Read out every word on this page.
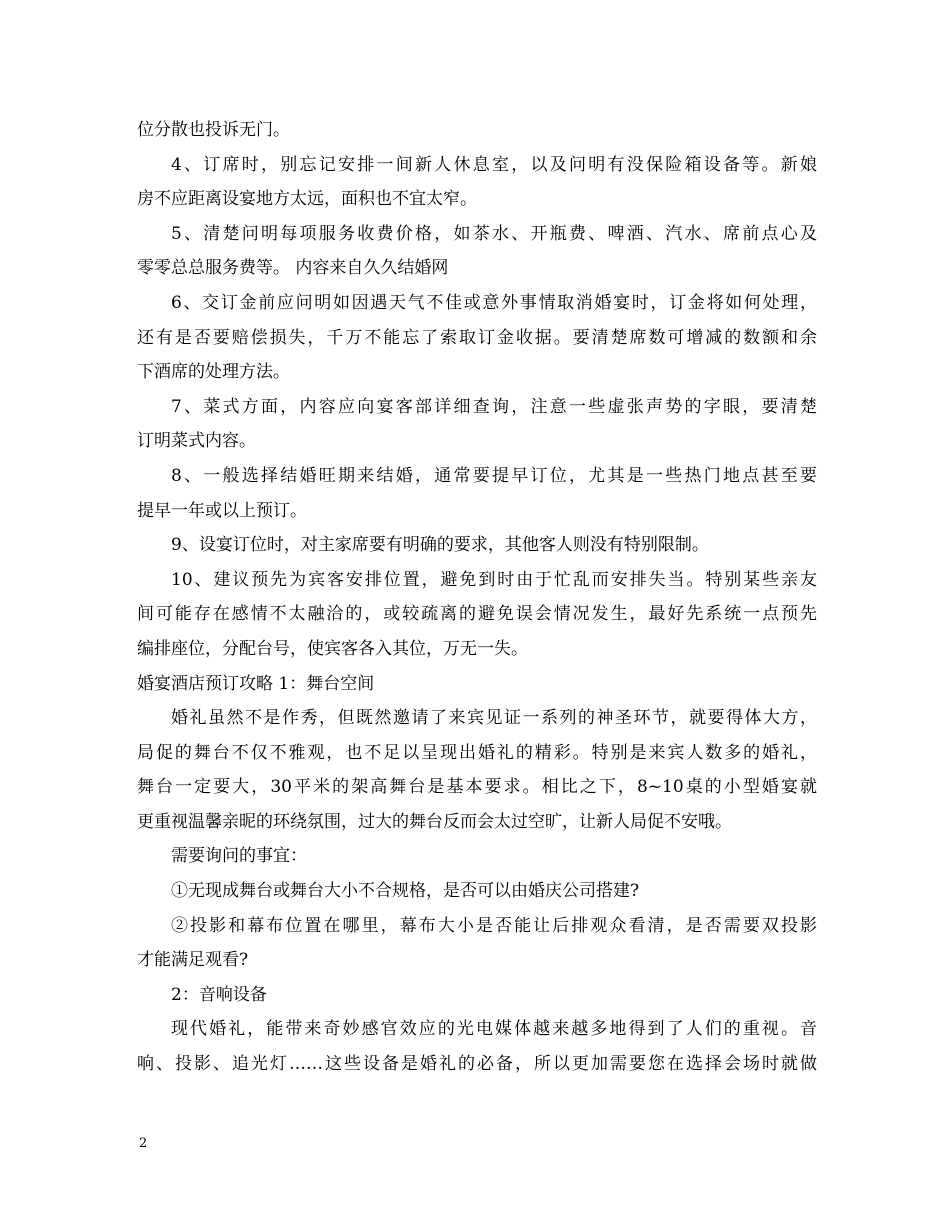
位分散也投诉无门。
4、订席时，别忘记安排一间新人休息室，以及问明有没保险箱设备等。新娘
房不应距离设宴地方太远，面积也不宜太窄。
5、清楚问明每项服务收费价格，如茶水、开瓶费、啤酒、汽水、席前点心及
零零总总服务费等。 内容来自久久结婚网
6、交订金前应问明如因遇天气不佳或意外事情取消婚宴时，订金将如何处理，
还有是否要赔偿损失，千万不能忘了索取订金收据。要清楚席数可增减的数额和余
下酒席的处理方法。
7、菜式方面，内容应向宴客部详细查询，注意一些虚张声势的字眼，要清楚
订明菜式内容。
8、一般选择结婚旺期来结婚，通常要提早订位，尤其是一些热门地点甚至要
提早一年或以上预订。
9、设宴订位时，对主家席要有明确的要求，其他客人则没有特别限制。
10、建议预先为宾客安排位置，避免到时由于忙乱而安排失当。特别某些亲友
间可能存在感情不太融洽的，或较疏离的避免误会情况发生，最好先系统一点预先
编排座位，分配台号，使宾客各入其位，万无一失。
婚宴酒店预订攻略 1：舞台空间
婚礼虽然不是作秀，但既然邀请了来宾见证一系列的神圣环节，就要得体大方，
局促的舞台不仅不雅观，也不足以呈现出婚礼的精彩。特别是来宾人数多的婚礼，
舞台一定要大，30平米的架高舞台是基本要求。相比之下，8~10桌的小型婚宴就
更重视温馨亲昵的环绕氛围，过大的舞台反而会太过空旷，让新人局促不安哦。
需要询问的事宜：
①无现成舞台或舞台大小不合规格，是否可以由婚庆公司搭建?
②投影和幕布位置在哪里，幕布大小是否能让后排观众看清，是否需要双投影
才能满足观看?
2：音响设备
现代婚礼，能带来奇妙感官效应的光电媒体越来越多地得到了人们的重视。音
响、投影、追光灯……这些设备是婚礼的必备，所以更加需要您在选择会场时就做
2
